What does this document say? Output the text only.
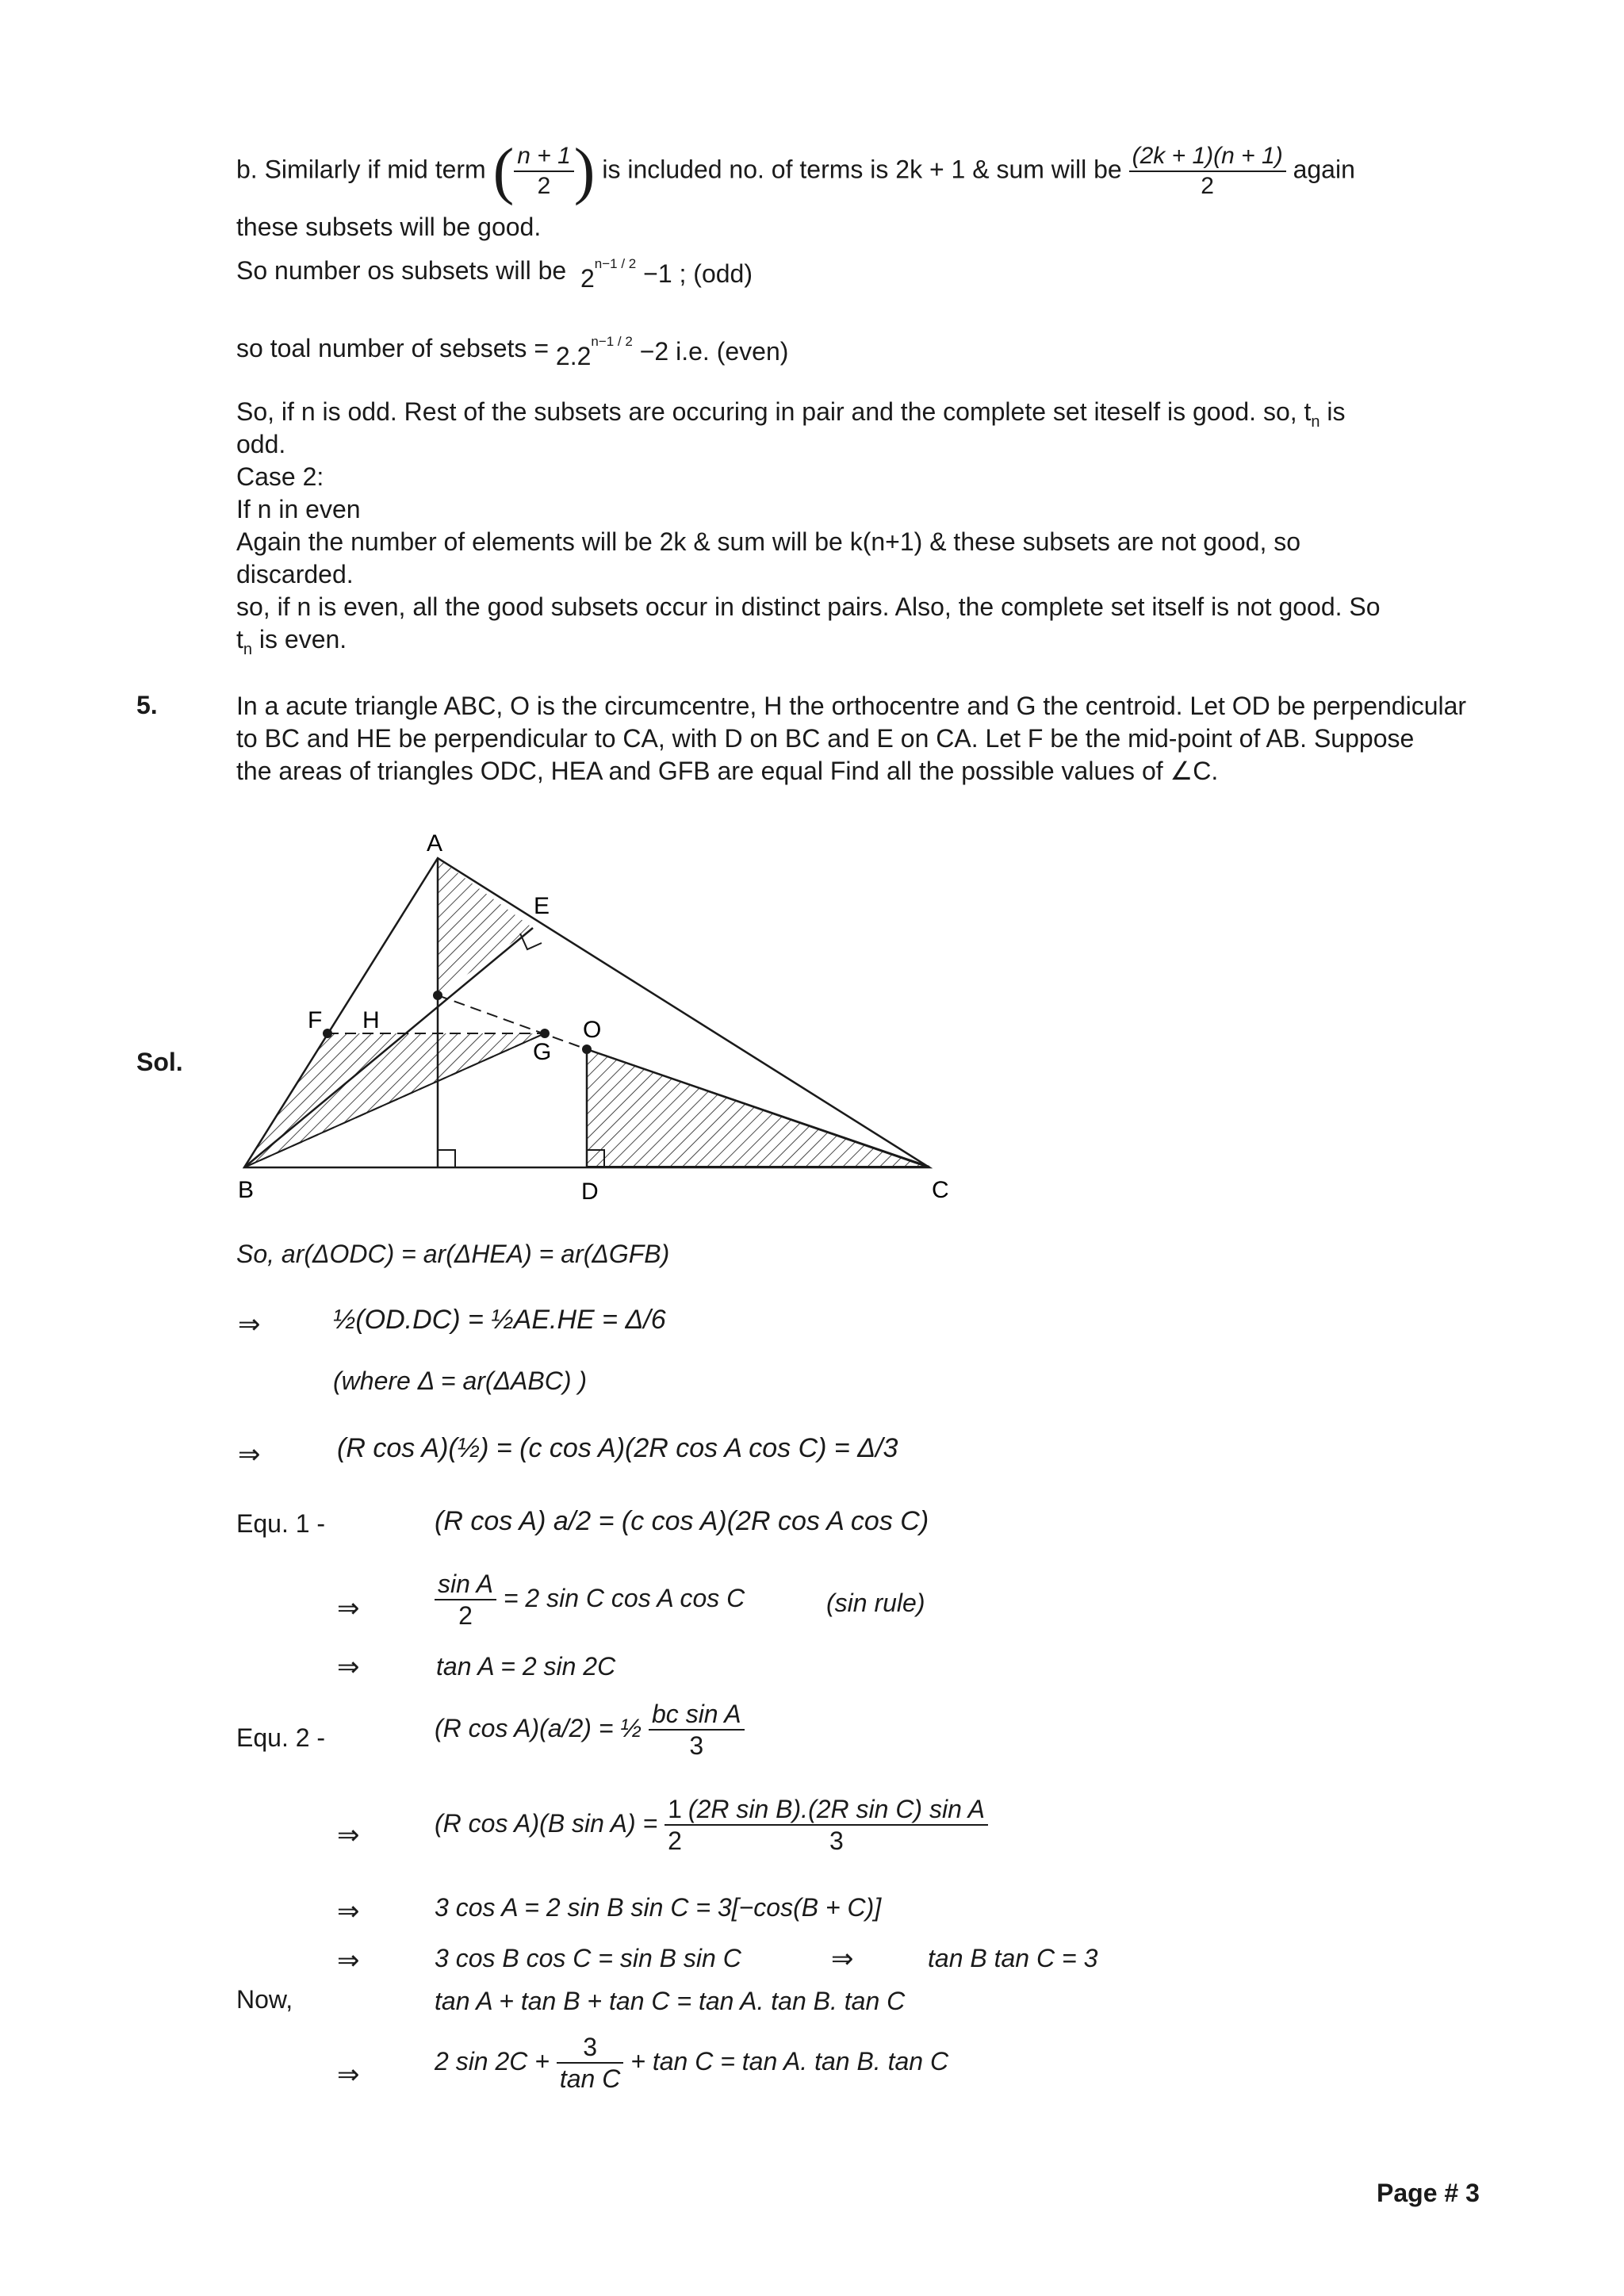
b. Similarly if mid term ( $\frac{n + 1}{2}$ ) is included no. of terms is 2k + 1 & sum will be $\frac{(2k + 1)(n + 1)}{2}$ again
these subsets will be good.
So number os subsets will be $2^{n-1 / 2} -1$ ; (odd)
so toal number of sebsets = $2.2^{n-1 / 2} -2$ i.e. (even)
So, if n is odd. Rest of the subsets are occuring in pair and the complete set iteself is good. so, $t_n$ is
odd.
Case 2:
If n in even
Again the number of elements will be 2k & sum will be k(n+1) & these subsets are not good, so
discarded.
so, if n is even, all the good subsets occur in distinct pairs. Also, the complete set itself is not good. So
$t_n$ is even.
5.	In a acute triangle ABC, O is the circumcentre, H the orthocentre and G the centroid. Let OD be perpendicular
to BC and HE be perpendicular to CA, with D on BC and E on CA. Let F be the mid-point of AB. Suppose
the areas of triangles ODC, HEA and GFB are equal Find all the possible values of ∠C.
Sol.
A
B	C
D
E
F
G
H	O
So, ar(ΔODC) = ar(ΔHEA) = ar(ΔGFB)
⇒	½(OD.DC) = ½AE.HE = Δ/6
(where Δ = ar(ΔABC) )
⇒	(R cos A)(½) = (c cos A)(2R cos A cos C) = Δ/3
Equ. 1 -	(R cos A) a/2 = (c cos A)(2R cos A cos C)
⇒	$\frac{\text{sin A}}{2} = 2$ sin C cos A cos C	(sin rule)
⇒	tan A = 2 sin 2C
Equ. 2 -	(R cos A)(a/2) = ½ $\frac{\text{bc sin A}}{3}$
⇒	(R cos A)(B $\sin A) = \frac{1}{2} \frac{\text{(2R sin B).(2R sin C) sin A}}{3}$
⇒	3 cos A = 2 sin B sin C = 3[−cos(B + C)]
⇒	3 cos B cos C = sin B sin C	⇒	tan B tan C = 3
Now,	tan A + tan B + tan C = tan A. tan B. tan C
⇒	2 $\sin 2C + \frac{3}{\text{tan C}} + \tan C = \tan A$. tan B. tan C
Page # 3
